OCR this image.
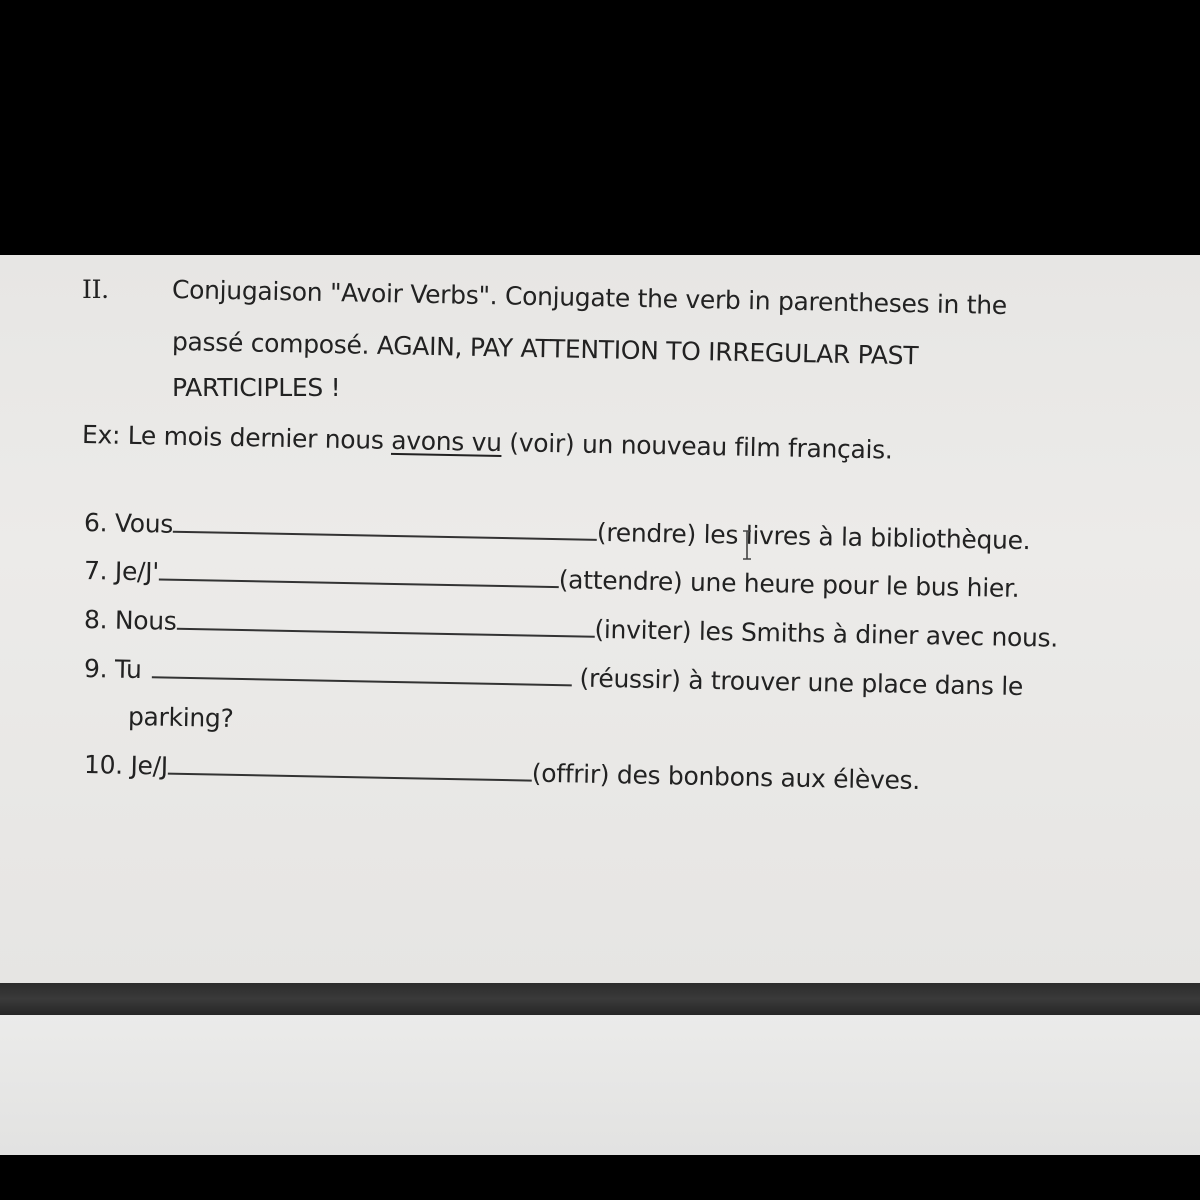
II.	Conjugaison "Avoir Verbs". Conjugate the verb in parentheses in the
passé composé. AGAIN, PAY ATTENTION TO IRREGULAR PAST
PARTICIPLES !
Ex: Le mois dernier nous avons vu (voir) un nouveau film français.
6. Vous	(rendre) les livres à la bibliothèque.
7. Je/J'	(attendre) une heure pour le bus hier.
8. Nous	(inviter) les Smiths à diner avec nous.
9. Tu	(réussir) à trouver une place dans le
parking?
10. Je/J	(offrir) des bonbons aux élèves.
